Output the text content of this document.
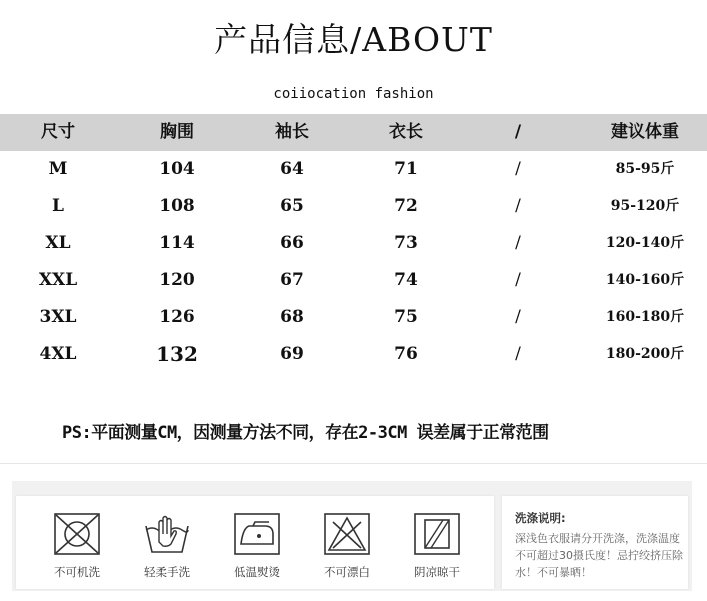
产品信息/ABOUT
coiiocation fashion
尺寸	胸围	袖长	衣长	/	建议体重
M	104	64	71	/	85-95斤
L	108	65	72	/	95-120斤
XL	114	66	73	/	120-140斤
XXL	120	67	74	/	140-160斤
3XL	126	68	75	/	160-180斤
4XL	132	69	76	/	180-200斤
PS:平面测量CM，因测量方法不同，存在2-3CM 误差属于正常范围
不可机洗	轻柔手洗	低温熨烫	不可漂白	阴凉晾干
洗涤说明:
深浅色衣服请分开洗涤，洗涤温度不可超过30摄氏度！忌拧绞挤压除水！不可暴晒！
